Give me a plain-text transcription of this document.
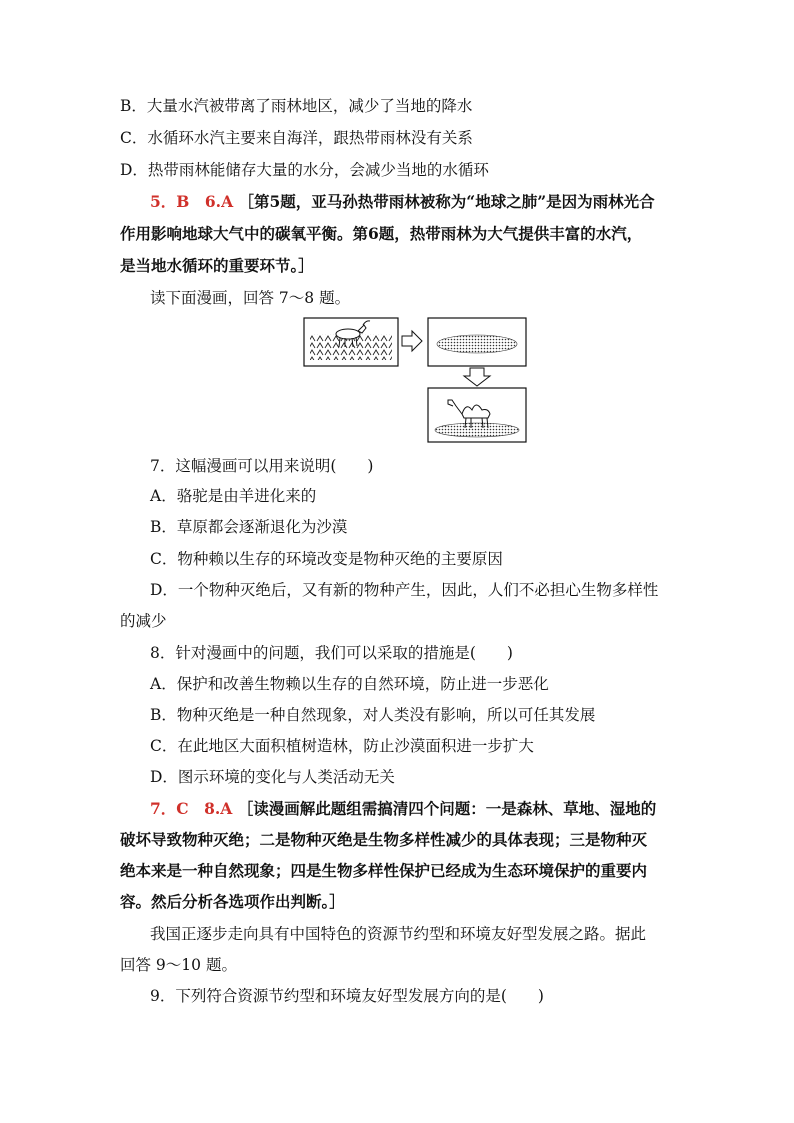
B．大量水汽被带离了雨林地区，减少了当地的降水
C．水循环水汽主要来自海洋，跟热带雨林没有关系
D．热带雨林能储存大量的水分，会减少当地的水循环
5．B　6.A ［第5题，亚马孙热带雨林被称为“地球之肺”是因为雨林光合
作用影响地球大气中的碳氧平衡。第6题，热带雨林为大气提供丰富的水汽，
是当地水循环的重要环节。］
读下面漫画，回答 7～8 题。
7．这幅漫画可以用来说明(　　)
A．骆驼是由羊进化来的
B．草原都会逐渐退化为沙漠
C．物种赖以生存的环境改变是物种灭绝的主要原因
D．一个物种灭绝后，又有新的物种产生，因此，人们不必担心生物多样性
的减少
8．针对漫画中的问题，我们可以采取的措施是(　　)
A．保护和改善生物赖以生存的自然环境，防止进一步恶化
B．物种灭绝是一种自然现象，对人类没有影响，所以可任其发展
C．在此地区大面积植树造林，防止沙漠面积进一步扩大
D．图示环境的变化与人类活动无关
7．C　8.A ［读漫画解此题组需搞清四个问题：一是森林、草地、湿地的
破坏导致物种灭绝；二是物种灭绝是生物多样性减少的具体表现；三是物种灭
绝本来是一种自然现象；四是生物多样性保护已经成为生态环境保护的重要内
容。然后分析各选项作出判断。］
我国正逐步走向具有中国特色的资源节约型和环境友好型发展之路。据此
回答 9～10 题。
9．下列符合资源节约型和环境友好型发展方向的是(　　)
